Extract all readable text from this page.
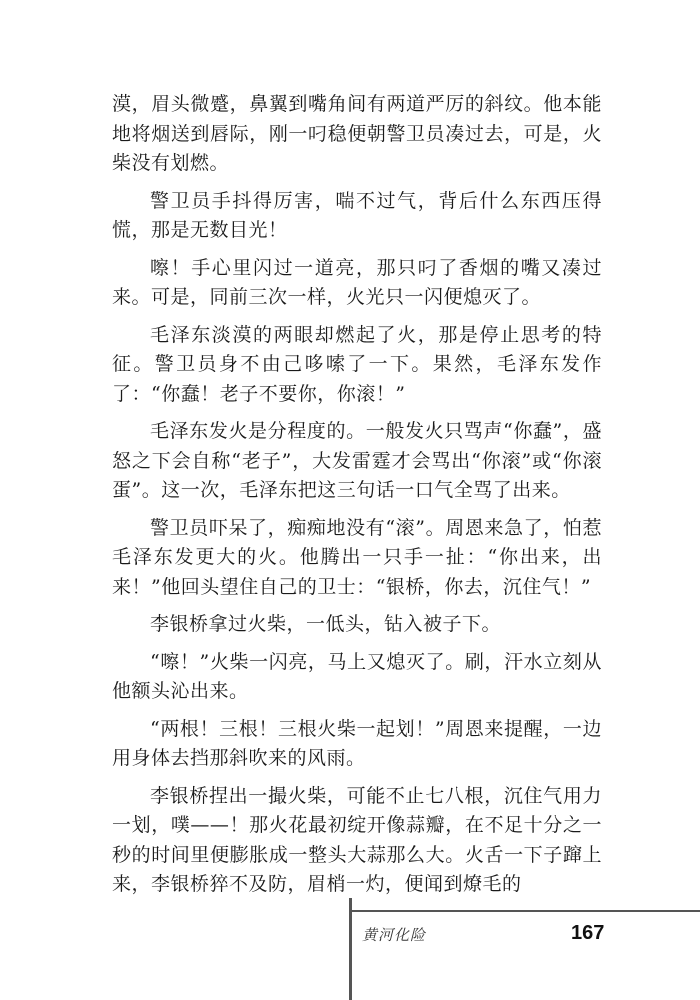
漠，眉头微蹙，鼻翼到嘴角间有两道严厉的斜纹。他本能地将烟送到唇际，刚一叼稳便朝警卫员凑过去，可是，火柴没有划燃。

警卫员手抖得厉害，喘不过气，背后什么东西压得慌，那是无数目光！

嚓！手心里闪过一道亮，那只叼了香烟的嘴又凑过来。可是，同前三次一样，火光只一闪便熄灭了。

毛泽东淡漠的两眼却燃起了火，那是停止思考的特征。警卫员身不由己哆嗦了一下。果然，毛泽东发作了：“你蠢！老子不要你，你滚！”

毛泽东发火是分程度的。一般发火只骂声“你蠢”，盛怒之下会自称“老子”，大发雷霆才会骂出“你滚”或“你滚蛋”。这一次，毛泽东把这三句话一口气全骂了出来。

警卫员吓呆了，痴痴地没有“滚”。周恩来急了，怕惹毛泽东发更大的火。他腾出一只手一扯：“你出来，出来！”他回头望住自己的卫士：“银桥，你去，沉住气！”

李银桥拿过火柴，一低头，钻入被子下。

“嚓！”火柴一闪亮，马上又熄灭了。刷，汗水立刻从他额头沁出来。

“两根！三根！三根火柴一起划！”周恩来提醒，一边用身体去挡那斜吹来的风雨。

李银桥捏出一撮火柴，可能不止七八根，沉住气用力一划，噗——！那火花最初绽开像蒜瓣，在不足十分之一秒的时间里便膨胀成一整头大蒜那么大。火舌一下子蹿上来，李银桥猝不及防，眉梢一灼，便闻到燎毛的

黄河化险	167
